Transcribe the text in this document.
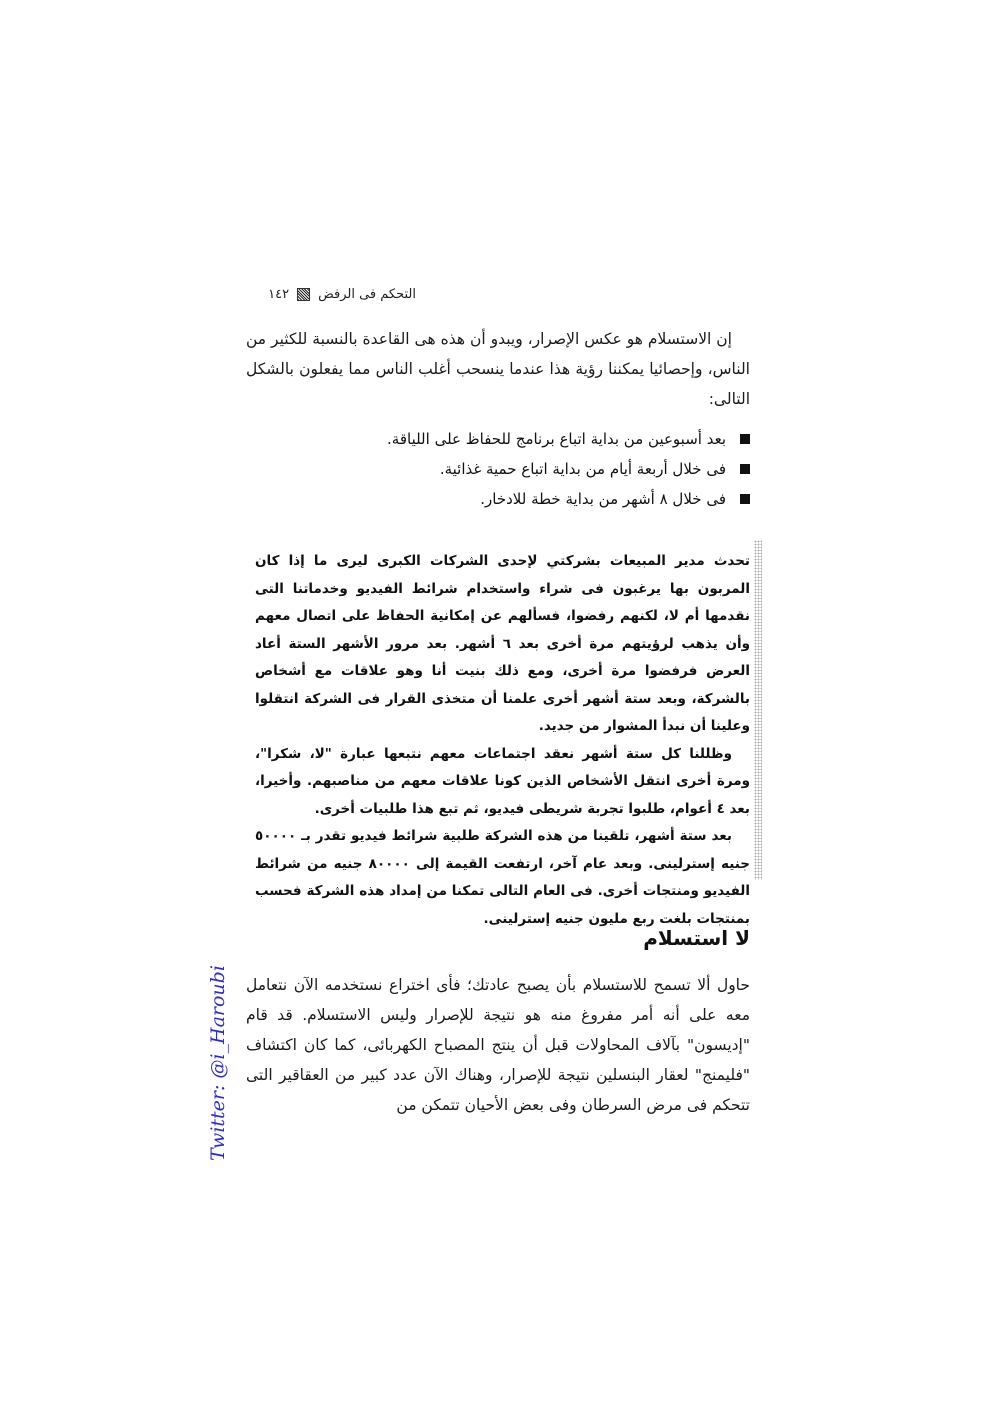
التحكم فى الرفض
١٤٢

إن الاستسلام هو عكس الإصرار، ويبدو أن هذه هى القاعدة بالنسبة للكثير من الناس، وإحصائيا يمكننا رؤية هذا عندما ينسحب أغلب الناس مما يفعلون بالشكل التالى:

بعد أسبوعين من بداية اتباع برنامج للحفاظ على اللياقة.
فى خلال أربعة أيام من بداية اتباع حمية غذائية.
فى خلال ٨ أشهر من بداية خطة للادخار.

تحدث مدير المبيعات بشركتي لإحدى الشركات الكبرى ليرى ما إذا كان المربون بها يرغبون فى شراء واستخدام شرائط الفيديو وخدماتنا التى نقدمها أم لا، لكنهم رفضوا، فسألهم عن إمكانية الحفاظ على اتصال معهم وأن يذهب لرؤيتهم مرة أخرى بعد ٦ أشهر. بعد مرور الأشهر الستة أعاد العرض فرفضوا مرة أخرى، ومع ذلك بنيت أنا وهو علاقات مع أشخاص بالشركة، وبعد ستة أشهر أخرى علمنا أن متخذى القرار فى الشركة انتقلوا وعلينا أن نبدأ المشوار من جديد.

وظللنا كل ستة أشهر نعقد اجتماعات معهم نتبعها عبارة "لا، شكرا"، ومرة أخرى انتقل الأشخاص الذين كونا علاقات معهم من مناصبهم. وأخيرا، بعد ٤ أعوام، طلبوا تجربة شريطى فيديو، ثم تبع هذا طلبيات أخرى.

بعد ستة أشهر، تلقينا من هذه الشركة طلبية شرائط فيديو تقدر بـ ٥٠٠٠٠ جنيه إسترلينى. وبعد عام آخر، ارتفعت القيمة إلى ٨٠٠٠٠ جنيه من شرائط الفيديو ومنتجات أخرى. فى العام التالى تمكنا من إمداد هذه الشركة فحسب بمنتجات بلغت ربع مليون جنيه إسترلينى.

لا استسلام

حاول ألا تسمح للاستسلام بأن يصبح عادتك؛ فأى اختراع نستخدمه الآن نتعامل معه على أنه أمر مفروغ منه هو نتيجة للإصرار وليس الاستسلام. قد قام "إديسون" بآلاف المحاولات قبل أن ينتج المصباح الكهربائى، كما كان اكتشاف "فليمنج" لعقار البنسلين نتيجة للإصرار، وهناك الآن عدد كبير من العقاقير التى تتحكم فى مرض السرطان وفى بعض الأحيان تتمكن من

Twitter: @i_Haroubi
